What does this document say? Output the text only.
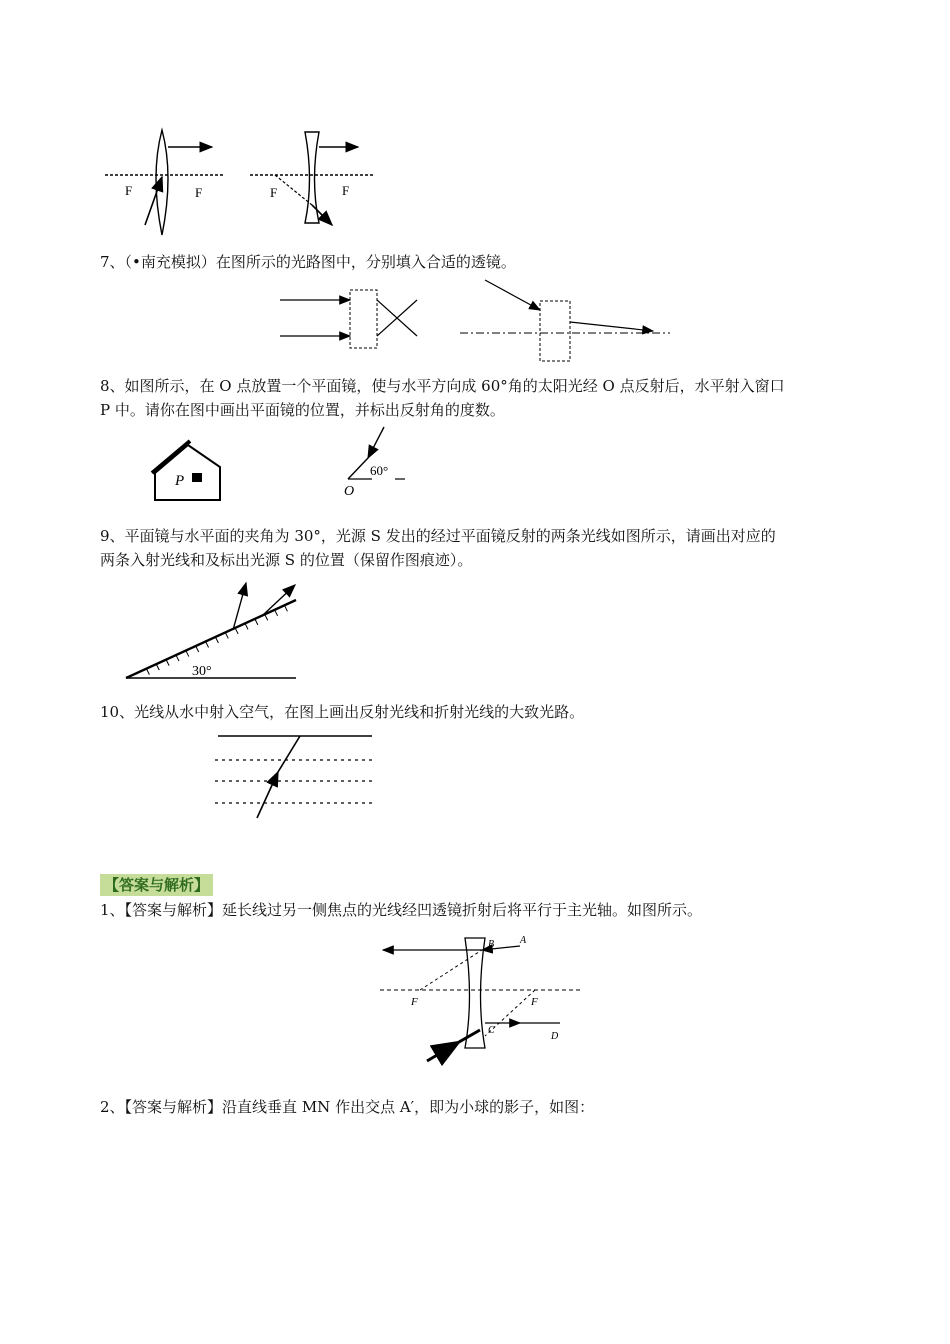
F	F	F	F
7、（•南充模拟）在图所示的光路图中，分别填入合适的透镜。
8、如图所示，在 O 点放置一个平面镜，使与水平方向成 60°角的太阳光经 O 点反射后，水平射入窗口
P 中。请你在图中画出平面镜的位置，并标出反射角的度数。
P
60°
O
9、平面镜与水平面的夹角为 30°，光源 S 发出的经过平面镜反射的两条光线如图所示，请画出对应的
两条入射光线和及标出光源 S 的位置（保留作图痕迹）。
30°
10、光线从水中射入空气，在图上画出反射光线和折射光线的大致光路。
【答案与解析】
1、【答案与解析】延长线过另一侧焦点的光线经凹透镜折射后将平行于主光轴。如图所示。
A
B
C
D
F	F
2、【答案与解析】沿直线垂直 MN 作出交点 A′，即为小球的影子，如图：
